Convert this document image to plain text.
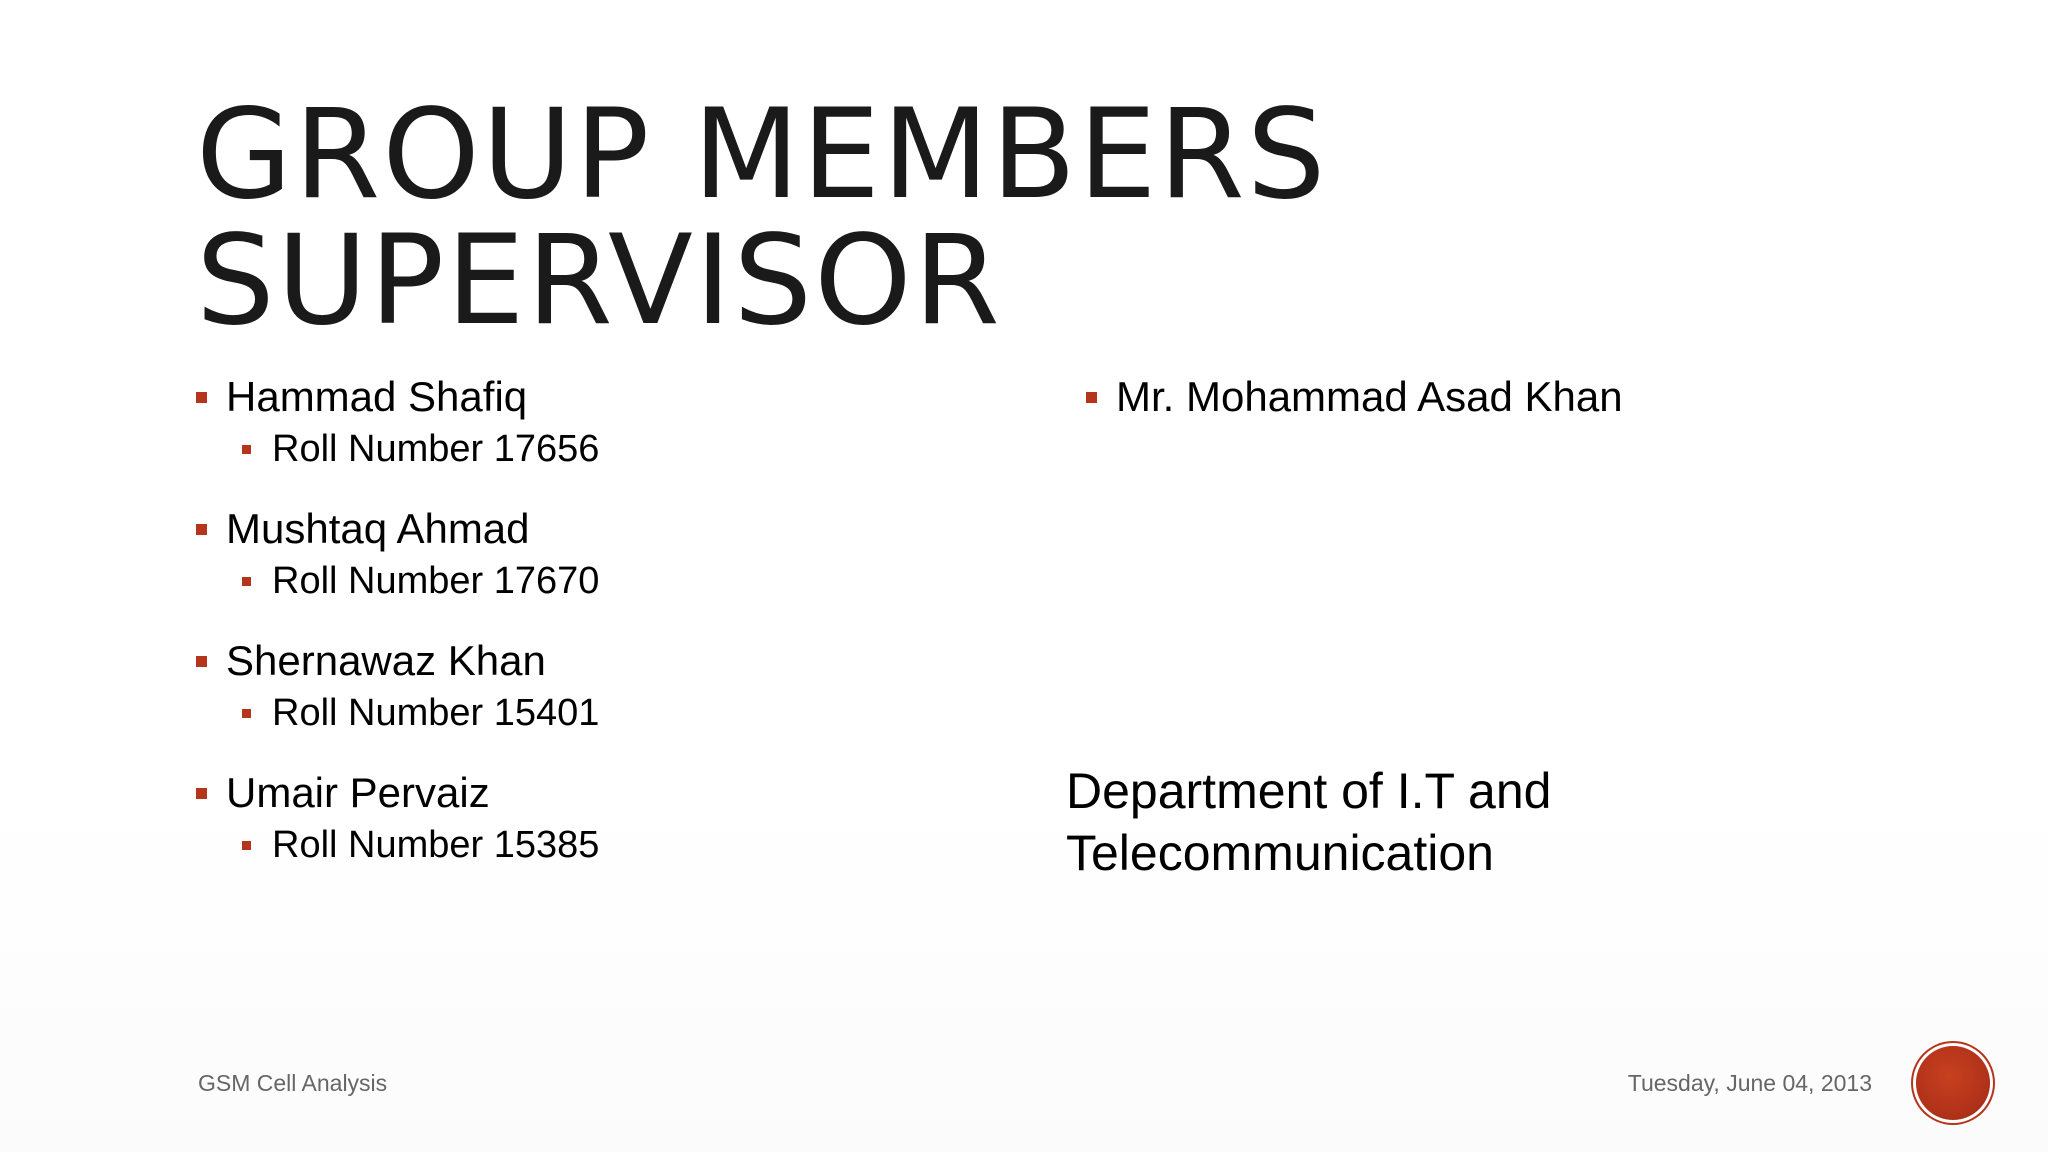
GROUP MEMBERS
SUPERVISOR
Hammad Shafiq
Roll Number 17656
Mushtaq Ahmad
Roll Number 17670
Shernawaz Khan
Roll Number 15401
Umair Pervaiz
Roll Number 15385
Mr. Mohammad Asad Khan
Department of I.T and
Telecommunication
GSM Cell Analysis	Tuesday, June 04, 2013
